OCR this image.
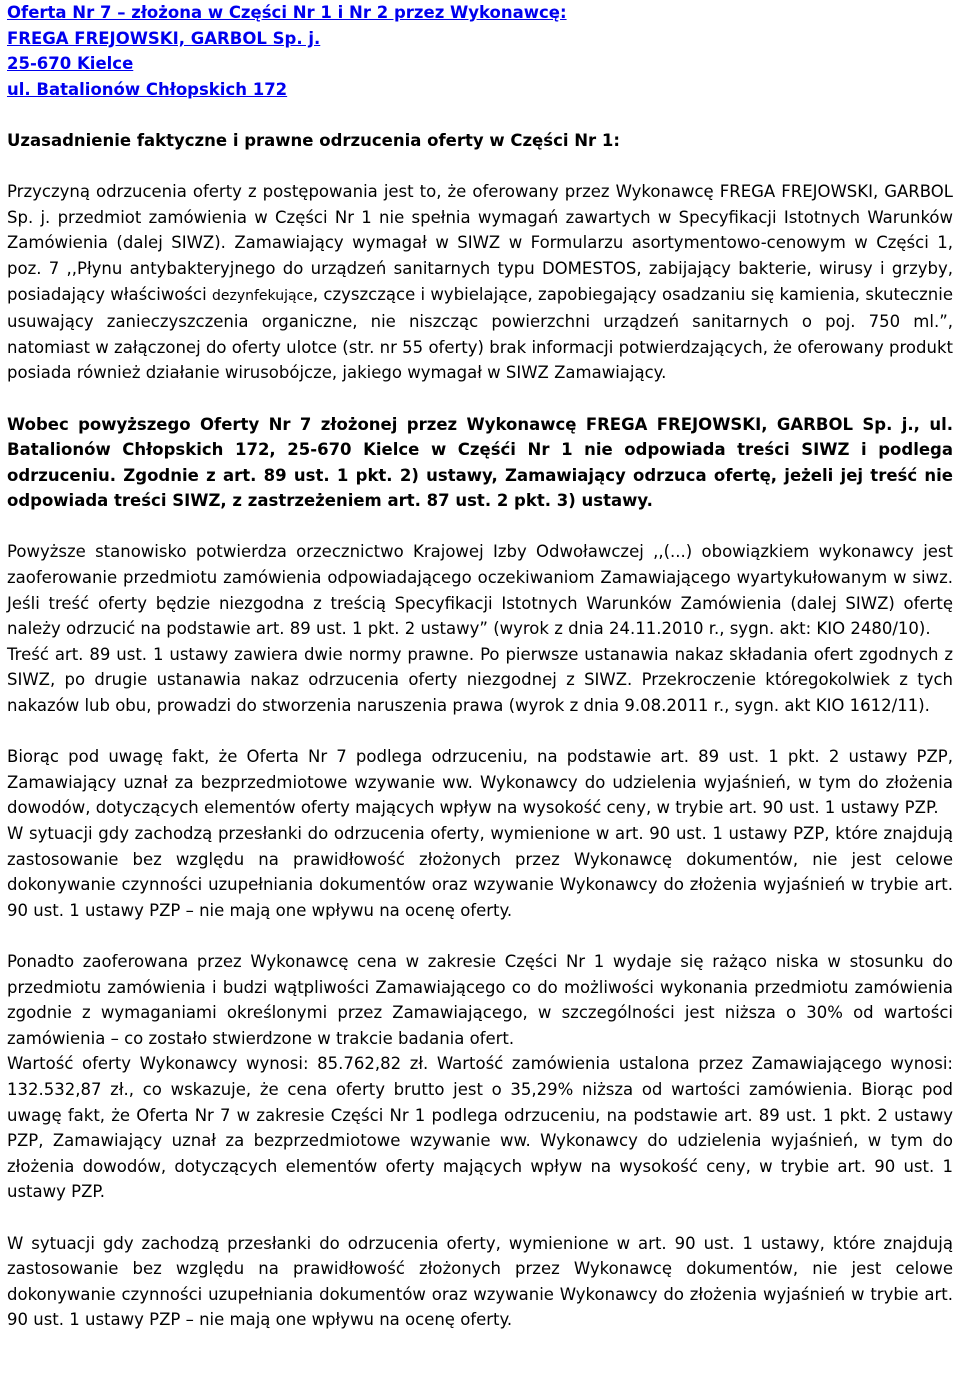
Oferta Nr 7 – złożona w Części Nr 1 i Nr 2 przez Wykonawcę:
FREGA FREJOWSKI, GARBOL Sp. j.
25-670 Kielce
ul. Batalionów Chłopskich 172
Uzasadnienie faktyczne i prawne odrzucenia oferty w Części Nr 1:

Przyczyną odrzucenia oferty z postępowania jest to, że oferowany przez Wykonawcę FREGA FREJOWSKI, GARBOL Sp. j. przedmiot zamówienia w Części Nr 1 nie spełnia wymagań zawartych w Specyfikacji Istotnych Warunków Zamówienia (dalej SIWZ). Zamawiający wymagał w SIWZ w Formularzu asortymentowo-cenowym w Części 1, poz. 7 ,,Płynu antybakteryjnego do urządzeń sanitarnych typu DOMESTOS, zabijający bakterie, wirusy i grzyby, posiadający właściwości dezynfekujące, czyszczące i wybielające, zapobiegający osadzaniu się kamienia, skutecznie usuwający zanieczyszczenia organiczne, nie niszcząc powierzchni urządzeń sanitarnych o poj. 750 ml.”, natomiast w załączonej do oferty ulotce (str. nr 55 oferty) brak informacji potwierdzających, że oferowany produkt posiada również działanie wirusobójcze, jakiego wymagał w SIWZ Zamawiający.

Wobec powyższego Oferty Nr 7 złożonej przez Wykonawcę FREGA FREJOWSKI, GARBOL Sp. j., ul. Batalionów Chłopskich 172, 25-670 Kielce w Częśći Nr 1 nie odpowiada treści SIWZ i podlega odrzuceniu. Zgodnie z art. 89 ust. 1 pkt. 2) ustawy, Zamawiający odrzuca ofertę, jeżeli jej treść nie odpowiada treści SIWZ, z zastrzeżeniem art. 87 ust. 2 pkt. 3) ustawy.

Powyższe stanowisko potwierdza orzecznictwo Krajowej Izby Odwoławczej ,,(...) obowiązkiem wykonawcy jest zaoferowanie przedmiotu zamówienia odpowiadającego oczekiwaniom Zamawiającego wyartykułowanym w siwz. Jeśli treść oferty będzie niezgodna z treścią Specyfikacji Istotnych Warunków Zamówienia (dalej SIWZ) ofertę należy odrzucić na podstawie art. 89 ust. 1 pkt. 2 ustawy” (wyrok z dnia 24.11.2010 r., sygn. akt: KIO 2480/10).

Treść art. 89 ust. 1 ustawy zawiera dwie normy prawne. Po pierwsze ustanawia nakaz składania ofert zgodnych z SIWZ, po drugie ustanawia nakaz odrzucenia oferty niezgodnej z SIWZ. Przekroczenie któregokolwiek z tych nakazów lub obu, prowadzi do stworzenia naruszenia prawa (wyrok z dnia 9.08.2011 r., sygn. akt KIO 1612/11).

Biorąc pod uwagę fakt, że Oferta Nr 7 podlega odrzuceniu, na podstawie art. 89 ust. 1 pkt. 2 ustawy PZP, Zamawiający uznał za bezprzedmiotowe wzywanie ww. Wykonawcy do udzielenia wyjaśnień, w tym do złożenia dowodów, dotyczących elementów oferty mających wpływ na wysokość ceny, w trybie art. 90 ust. 1 ustawy PZP.

W sytuacji gdy zachodzą przesłanki do odrzucenia oferty, wymienione w art. 90 ust. 1 ustawy PZP, które znajdują zastosowanie bez względu na prawidłowość złożonych przez Wykonawcę dokumentów, nie jest celowe dokonywanie czynności uzupełniania dokumentów oraz wzywanie Wykonawcy do złożenia wyjaśnień w trybie art. 90 ust. 1 ustawy PZP – nie mają one wpływu na ocenę oferty.

Ponadto zaoferowana przez Wykonawcę cena w zakresie Części Nr 1 wydaje się rażąco niska w stosunku do przedmiotu zamówienia i budzi wątpliwości Zamawiającego co do możliwości wykonania przedmiotu zamówienia zgodnie z wymaganiami określonymi przez Zamawiającego, w szczególności jest niższa o 30% od wartości zamówienia – co zostało stwierdzone w trakcie badania ofert.

Wartość oferty Wykonawcy wynosi: 85.762,82 zł. Wartość zamówienia ustalona przez Zamawiającego wynosi: 132.532,87 zł., co wskazuje, że cena oferty brutto jest o 35,29% niższa od wartości zamówienia. Biorąc pod uwagę fakt, że Oferta Nr 7 w zakresie Części Nr 1 podlega odrzuceniu, na podstawie art. 89 ust. 1 pkt. 2 ustawy PZP, Zamawiający uznał za bezprzedmiotowe wzywanie ww. Wykonawcy do udzielenia wyjaśnień, w tym do złożenia dowodów, dotyczących elementów oferty mających wpływ na wysokość ceny, w trybie art. 90 ust. 1 ustawy PZP.

W sytuacji gdy zachodzą przesłanki do odrzucenia oferty, wymienione w art. 90 ust. 1 ustawy, które znajdują zastosowanie bez względu na prawidłowość złożonych przez Wykonawcę dokumentów, nie jest celowe dokonywanie czynności uzupełniania dokumentów oraz wzywanie Wykonawcy do złożenia wyjaśnień w trybie art. 90 ust. 1 ustawy PZP – nie mają one wpływu na ocenę oferty.
